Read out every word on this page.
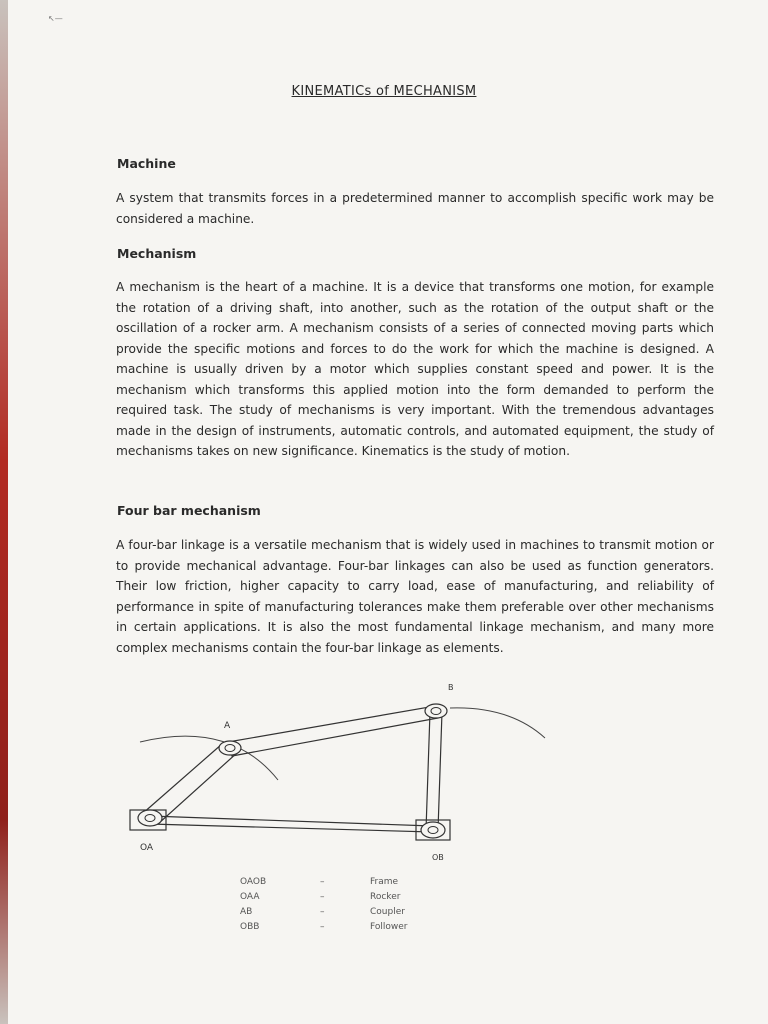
↖—
KINEMATICs of MECHANISM
Machine

A system that transmits forces in a predetermined manner to accomplish specific work may be considered a machine.

Mechanism

A mechanism is the heart of a machine. It is a device that transforms one motion, for example the rotation of a driving shaft, into another, such as the rotation of the output shaft or the oscillation of a rocker arm. A mechanism consists of a series of connected moving parts which provide the specific motions and forces to do the work for which the machine is designed. A machine is usually driven by a motor which supplies constant speed and power. It is the mechanism which transforms this applied motion into the form demanded to perform the required task. The study of mechanisms is very important. With the tremendous advantages made in the design of instruments, automatic controls, and automated equipment, the study of mechanisms takes on new significance. Kinematics is the study of motion.

Four bar mechanism

A four-bar linkage is a versatile mechanism that is widely used in machines to transmit motion or to provide mechanical advantage. Four-bar linkages can also be used as function generators. Their low friction, higher capacity to carry load, ease of manufacturing, and reliability of performance in spite of manufacturing tolerances make them preferable over other mechanisms in certain applications. It is also the most fundamental linkage mechanism, and many more complex mechanisms contain the four-bar linkage as elements.

A
B
OA
OB
OAOB	–	Frame
OAA	–	Rocker
AB	–	Coupler
OBB	–	Follower
